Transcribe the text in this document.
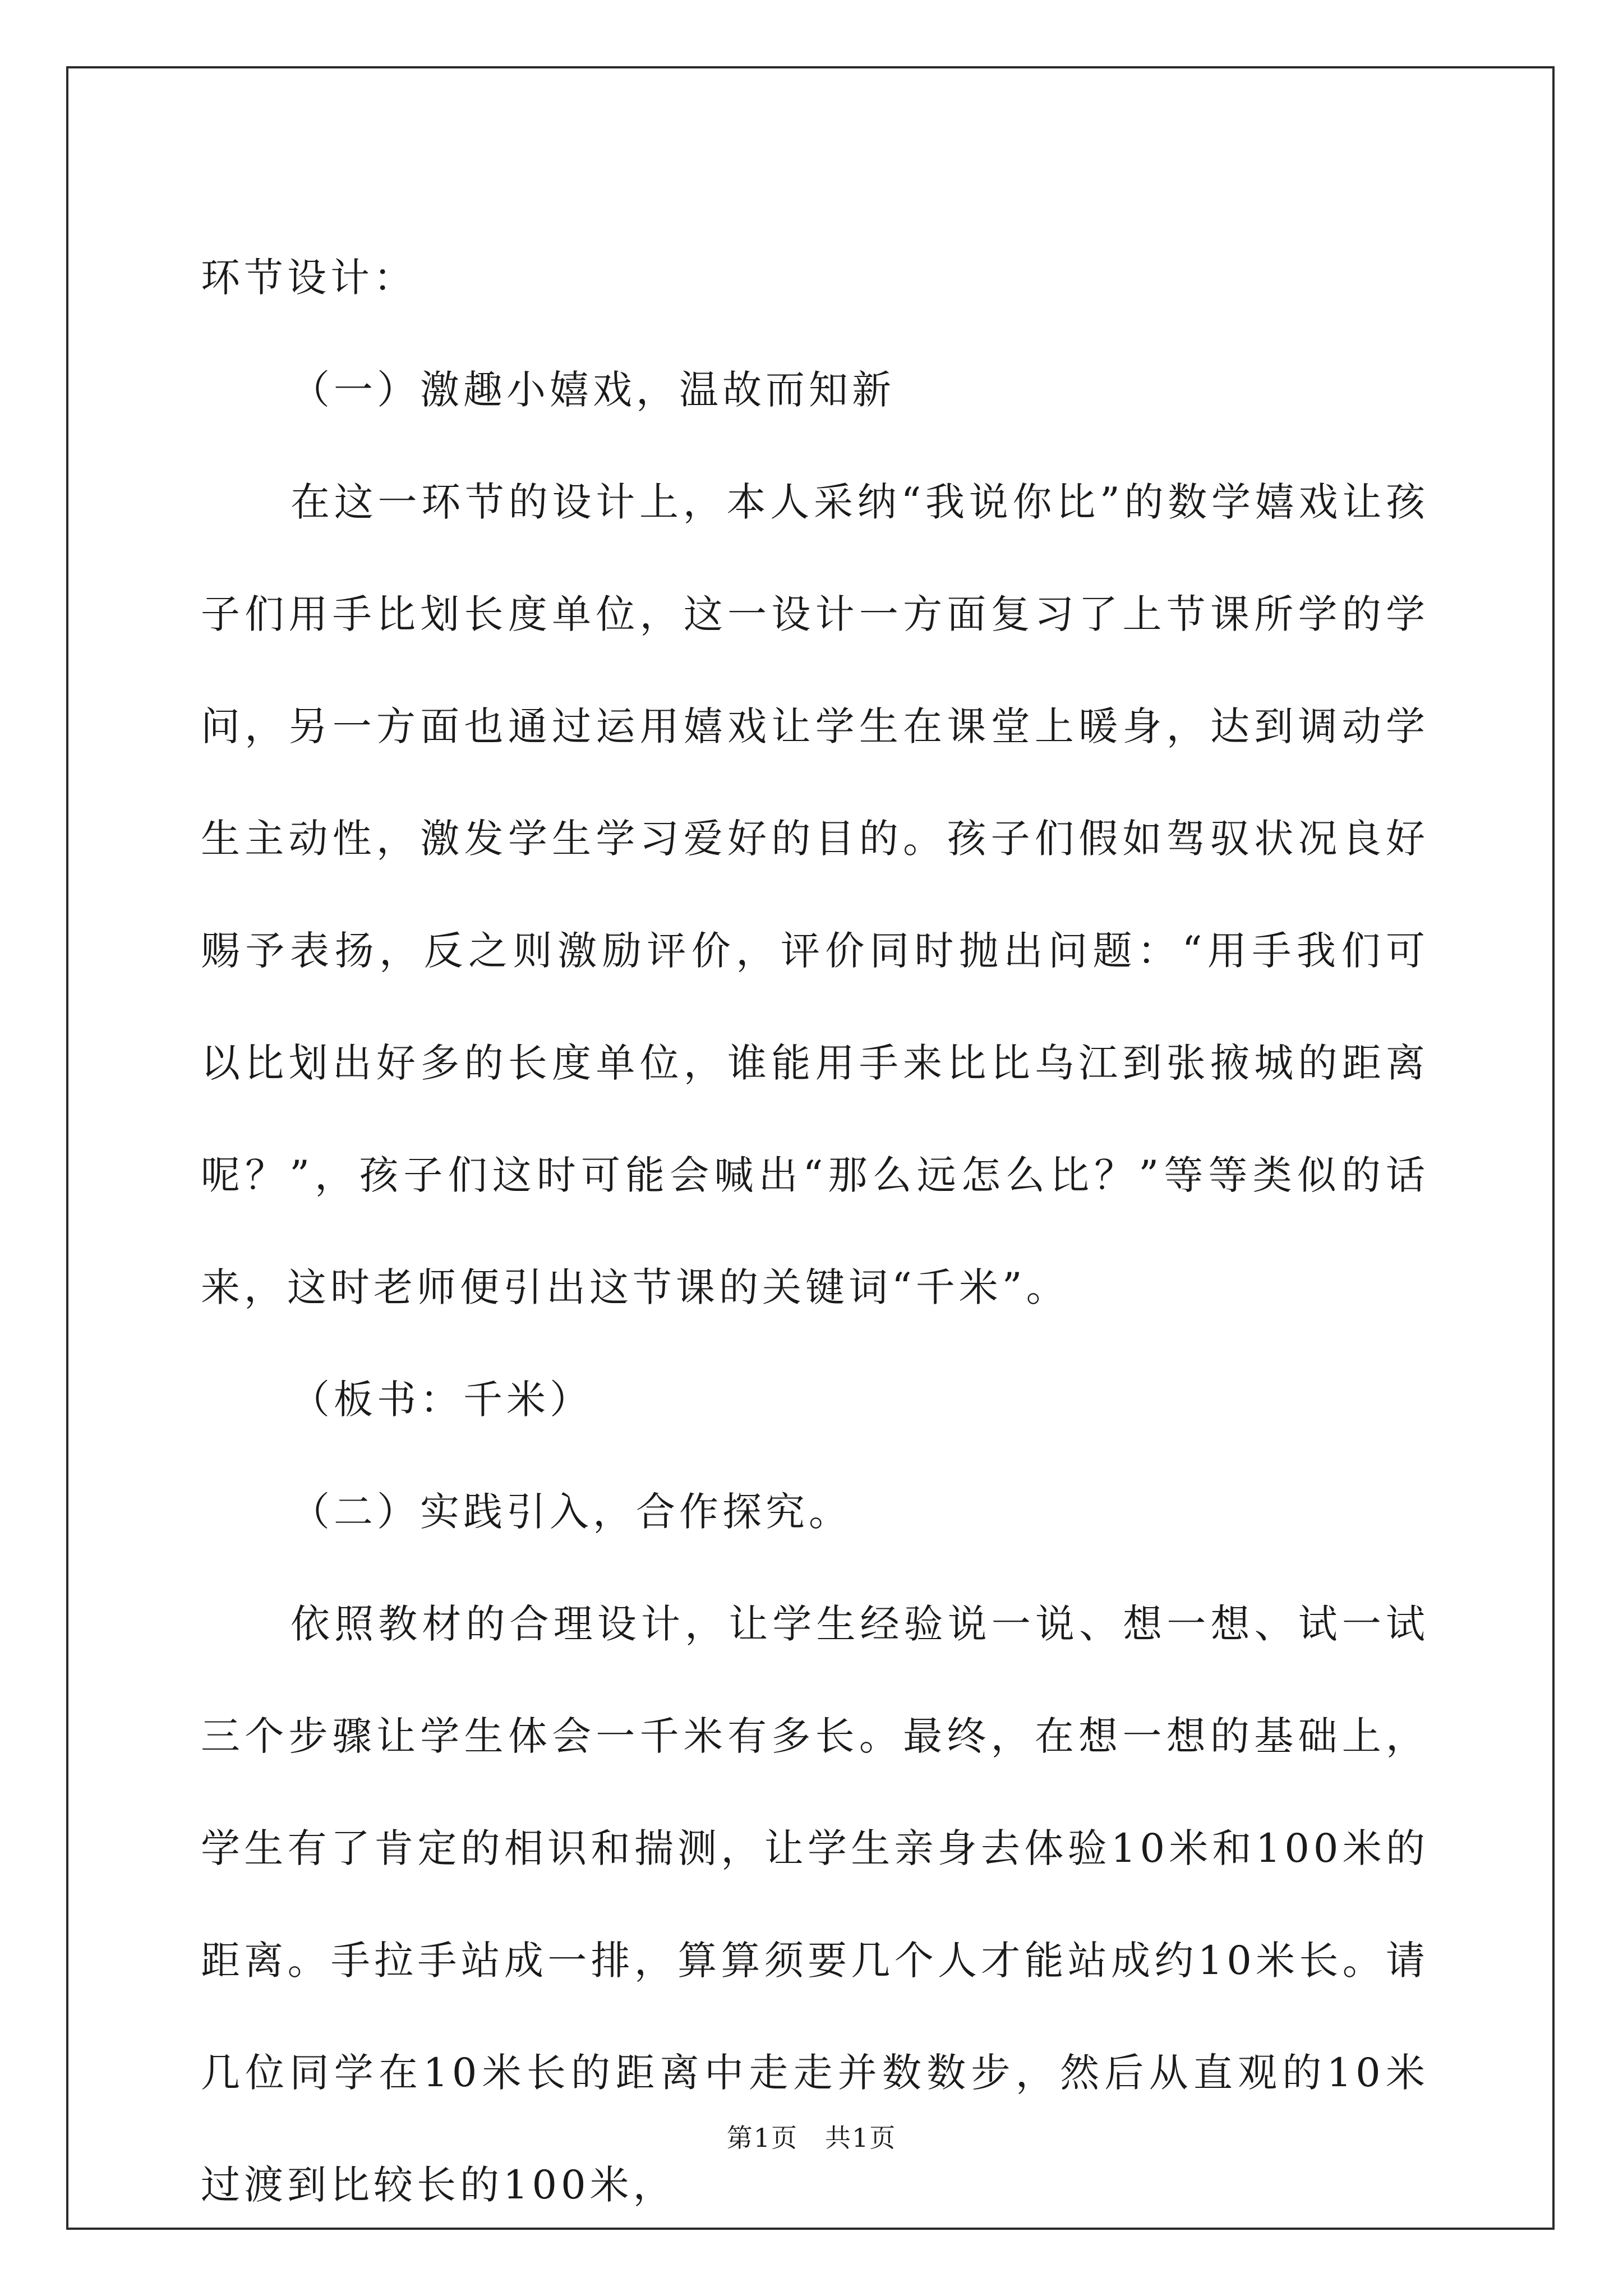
环节设计：

（一）激趣小嬉戏，温故而知新

在这一环节的设计上，本人采纳“我说你比”的数学嬉戏让孩子们用手比划长度单位，这一设计一方面复习了上节课所学的学问，另一方面也通过运用嬉戏让学生在课堂上暖身，达到调动学生主动性，激发学生学习爱好的目的。孩子们假如驾驭状况良好赐予表扬，反之则激励评价，评价同时抛出问题：“用手我们可以比划出好多的长度单位，谁能用手来比比乌江到张掖城的距离呢？”，孩子们这时可能会喊出“那么远怎么比？”等等类似的话来，这时老师便引出这节课的关键词“千米”。

（板书：千米）

（二）实践引入，合作探究。

依照教材的合理设计，让学生经验说一说、想一想、试一试三个步骤让学生体会一千米有多长。最终，在想一想的基础上，学生有了肯定的相识和揣测，让学生亲身去体验10米和100米的距离。手拉手站成一排，算算须要几个人才能站成约10米长。请几位同学在10米长的距离中走走并数数步，然后从直观的10米过渡到比较长的100米，

第1页　共1页
